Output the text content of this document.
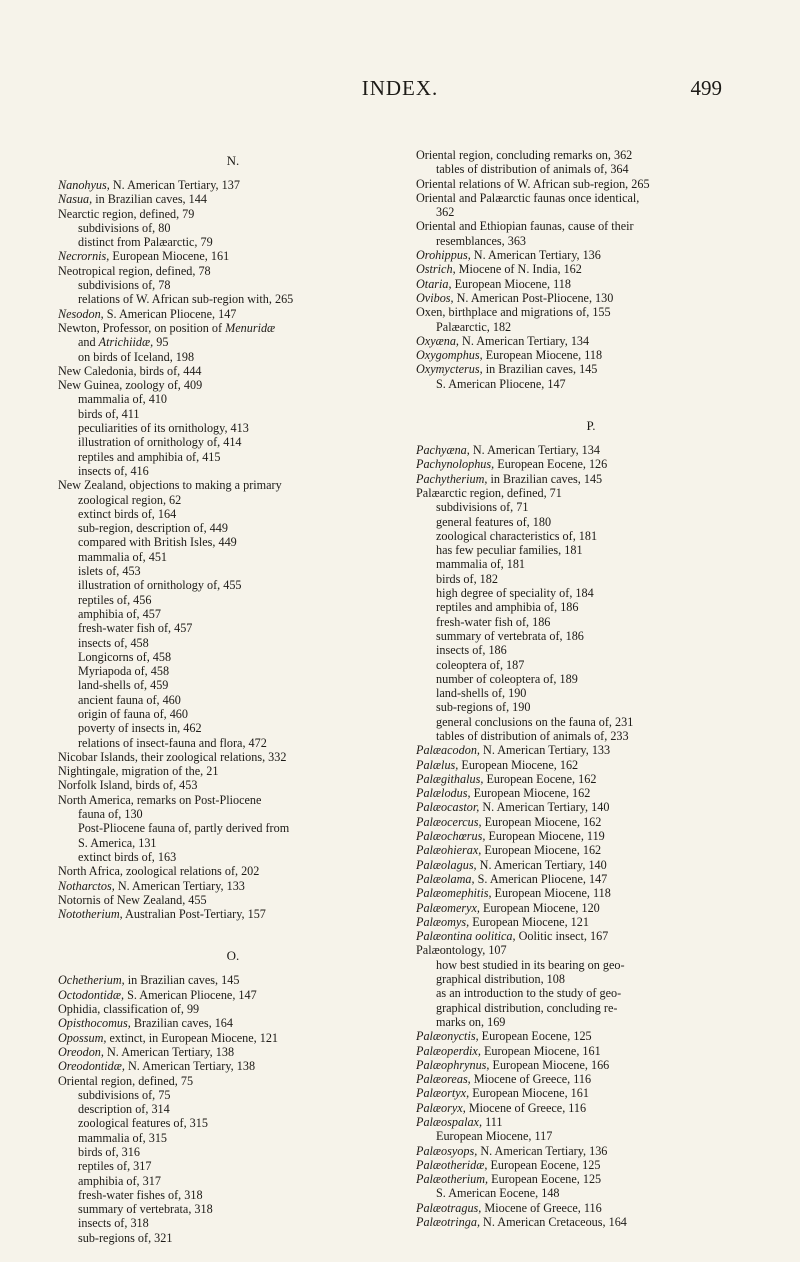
INDEX.	499
N.
Nanohyus, N. American Tertiary, 137
Nasua, in Brazilian caves, 144
Nearctic region, defined, 79
subdivisions of, 80
distinct from Palæarctic, 79
Necrornis, European Miocene, 161
Neotropical region, defined, 78
subdivisions of, 78
relations of W. African sub-region with, 265
Nesodon, S. American Pliocene, 147
Newton, Professor, on position of Menuridæ
and Atrichiidæ, 95
on birds of Iceland, 198
New Caledonia, birds of, 444
New Guinea, zoology of, 409
mammalia of, 410
birds of, 411
peculiarities of its ornithology, 413
illustration of ornithology of, 414
reptiles and amphibia of, 415
insects of, 416
New Zealand, objections to making a primary
zoological region, 62
extinct birds of, 164
sub-region, description of, 449
compared with British Isles, 449
mammalia of, 451
islets of, 453
illustration of ornithology of, 455
reptiles of, 456
amphibia of, 457
fresh-water fish of, 457
insects of, 458
Longicorns of, 458
Myriapoda of, 458
land-shells of, 459
ancient fauna of, 460
origin of fauna of, 460
poverty of insects in, 462
relations of insect-fauna and flora, 472
Nicobar Islands, their zoological relations, 332
Nightingale, migration of the, 21
Norfolk Island, birds of, 453
North America, remarks on Post-Pliocene
fauna of, 130
Post-Pliocene fauna of, partly derived from
S. America, 131
extinct birds of, 163
North Africa, zoological relations of, 202
Notharctos, N. American Tertiary, 133
Notornis of New Zealand, 455
Nototherium, Australian Post-Tertiary, 157
O.
Ochetherium, in Brazilian caves, 145
Octodontidæ, S. American Pliocene, 147
Ophidia, classification of, 99
Opisthocomus, Brazilian caves, 164
Opossum, extinct, in European Miocene, 121
Oreodon, N. American Tertiary, 138
Oreodontidæ, N. American Tertiary, 138
Oriental region, defined, 75
subdivisions of, 75
description of, 314
zoological features of, 315
mammalia of, 315
birds of, 316
reptiles of, 317
amphibia of, 317
fresh-water fishes of, 318
summary of vertebrata, 318
insects of, 318
sub-regions of, 321
Oriental region, concluding remarks on, 362
tables of distribution of animals of, 364
Oriental relations of W. African sub-region, 265
Oriental and Palæarctic faunas once identical,
362
Oriental and Ethiopian faunas, cause of their
resemblances, 363
Orohippus, N. American Tertiary, 136
Ostrich, Miocene of N. India, 162
Otaria, European Miocene, 118
Ovibos, N. American Post-Pliocene, 130
Oxen, birthplace and migrations of, 155
Palæarctic, 182
Oxyæna, N. American Tertiary, 134
Oxygomphus, European Miocene, 118
Oxymycterus, in Brazilian caves, 145
S. American Pliocene, 147
P.
Pachyæna, N. American Tertiary, 134
Pachynolophus, European Eocene, 126
Pachytherium, in Brazilian caves, 145
Palæarctic region, defined, 71
subdivisions of, 71
general features of, 180
zoological characteristics of, 181
has few peculiar families, 181
mammalia of, 181
birds of, 182
high degree of speciality of, 184
reptiles and amphibia of, 186
fresh-water fish of, 186
summary of vertebrata of, 186
insects of, 186
coleoptera of, 187
number of coleoptera of, 189
land-shells of, 190
sub-regions of, 190
general conclusions on the fauna of, 231
tables of distribution of animals of, 233
Palæacodon, N. American Tertiary, 133
Palælus, European Miocene, 162
Palægithalus, European Eocene, 162
Palælodus, European Miocene, 162
Palæocastor, N. American Tertiary, 140
Palæocercus, European Miocene, 162
Palæochœrus, European Miocene, 119
Palæohierax, European Miocene, 162
Palæolagus, N. American Tertiary, 140
Palæolama, S. American Pliocene, 147
Palæomephitis, European Miocene, 118
Palæomeryx, European Miocene, 120
Palæomys, European Miocene, 121
Palæontina oolitica, Oolitic insect, 167
Palæontology, 107
how best studied in its bearing on geo-
graphical distribution, 108
as an introduction to the study of geo-
graphical distribution, concluding re-
marks on, 169
Palæonyctis, European Eocene, 125
Palæoperdix, European Miocene, 161
Palæophrynus, European Miocene, 166
Palæoreas, Miocene of Greece, 116
Palæortyx, European Miocene, 161
Palæoryx, Miocene of Greece, 116
Palæospalax, 111
European Miocene, 117
Palæosyops, N. American Tertiary, 136
Palæotheridæ, European Eocene, 125
Palæotherium, European Eocene, 125
S. American Eocene, 148
Palæotragus, Miocene of Greece, 116
Palæotringa, N. American Cretaceous, 164
